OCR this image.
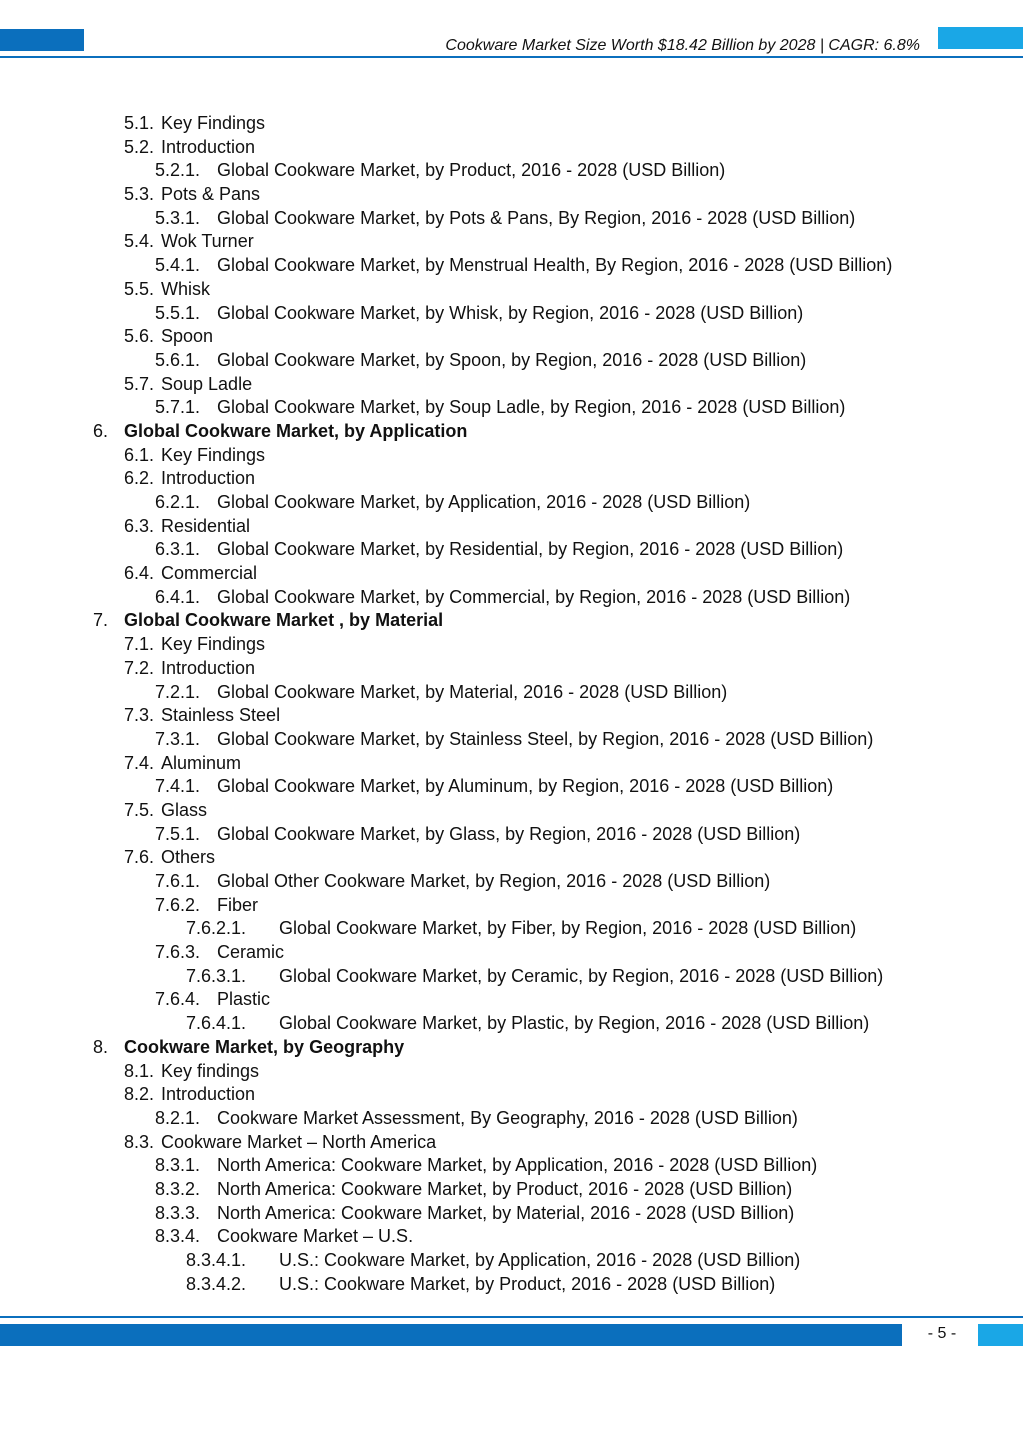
Cookware Market Size Worth $18.42 Billion by 2028 | CAGR: 6.8%
5.1. Key Findings
5.2. Introduction
5.2.1. Global Cookware Market, by Product, 2016 - 2028 (USD Billion)
5.3. Pots & Pans
5.3.1. Global Cookware Market, by Pots & Pans, By Region, 2016 - 2028 (USD Billion)
5.4. Wok Turner
5.4.1. Global Cookware Market, by Menstrual Health, By Region, 2016 - 2028 (USD Billion)
5.5. Whisk
5.5.1. Global Cookware Market, by Whisk, by Region, 2016 - 2028 (USD Billion)
5.6. Spoon
5.6.1. Global Cookware Market, by Spoon, by Region, 2016 - 2028 (USD Billion)
5.7. Soup Ladle
5.7.1. Global Cookware Market, by Soup Ladle, by Region, 2016 - 2028 (USD Billion)
6. Global Cookware Market, by Application
6.1. Key Findings
6.2. Introduction
6.2.1. Global Cookware Market, by Application, 2016 - 2028 (USD Billion)
6.3. Residential
6.3.1. Global Cookware Market, by Residential, by Region, 2016 - 2028 (USD Billion)
6.4. Commercial
6.4.1. Global Cookware Market, by Commercial, by Region, 2016 - 2028 (USD Billion)
7. Global Cookware Market , by Material
7.1. Key Findings
7.2. Introduction
7.2.1. Global Cookware Market, by Material, 2016 - 2028 (USD Billion)
7.3. Stainless Steel
7.3.1. Global Cookware Market, by Stainless Steel, by Region, 2016 - 2028 (USD Billion)
7.4. Aluminum
7.4.1. Global Cookware Market, by Aluminum, by Region, 2016 - 2028 (USD Billion)
7.5. Glass
7.5.1. Global Cookware Market, by Glass, by Region, 2016 - 2028 (USD Billion)
7.6. Others
7.6.1. Global Other Cookware Market, by Region, 2016 - 2028 (USD Billion)
7.6.2. Fiber
7.6.2.1. Global Cookware Market, by Fiber, by Region, 2016 - 2028 (USD Billion)
7.6.3. Ceramic
7.6.3.1. Global Cookware Market, by Ceramic, by Region, 2016 - 2028 (USD Billion)
7.6.4. Plastic
7.6.4.1. Global Cookware Market, by Plastic, by Region, 2016 - 2028 (USD Billion)
8. Cookware Market, by Geography
8.1. Key findings
8.2. Introduction
8.2.1. Cookware Market Assessment, By Geography, 2016 - 2028 (USD Billion)
8.3. Cookware Market – North America
8.3.1. North America: Cookware Market, by Application, 2016 - 2028 (USD Billion)
8.3.2. North America: Cookware Market, by Product, 2016 - 2028 (USD Billion)
8.3.3. North America: Cookware Market, by Material, 2016 - 2028 (USD Billion)
8.3.4. Cookware Market – U.S.
8.3.4.1. U.S.: Cookware Market, by Application, 2016 - 2028 (USD Billion)
8.3.4.2. U.S.: Cookware Market, by Product, 2016 - 2028 (USD Billion)
- 5 -
